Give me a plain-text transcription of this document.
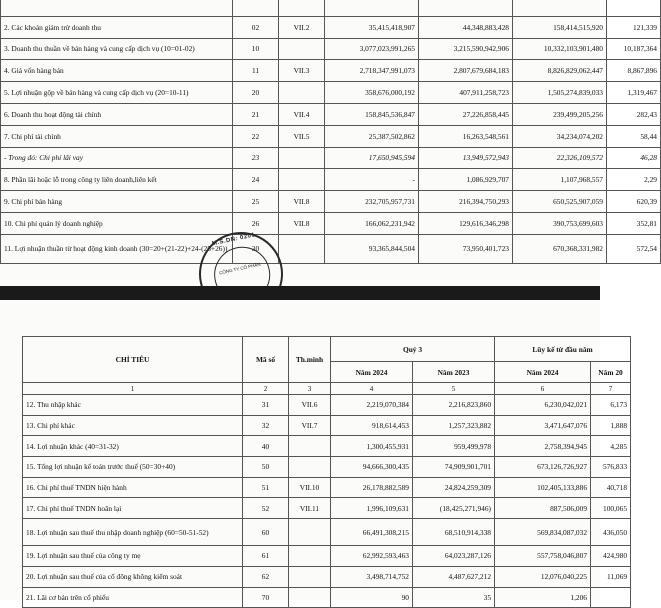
2. Các khoản giảm trừ doanh thu	02	VII.2	35,415,418,907	44,348,883,428	158,414,515,920	121,339
3. Doanh thu thuần về bán hàng và cung cấp dịch vụ (10=01-02)	10		3,077,023,991,265	3,215,590,942,906	10,332,103,901,480	10,187,364
4. Giá vốn hàng bán	11	VII.3	2,718,347,991,073	2,807,679,684,183	8,826,829,062,447	8,867,896
5. Lợi nhuận gộp về bán hàng và cung cấp dịch vụ (20=10-11)	20		358,676,000,192	407,911,258,723	1,505,274,839,033	1,319,467
6. Doanh thu hoạt động tài chính	21	VII.4	158,845,536,847	27,226,858,445	239,499,205,256	282,43
7. Chi phí tài chính	22	VII.5	25,387,502,862	16,263,548,561	34,234,074,202	58,44
- Trong đó: Chi phí lãi vay	23		17,650,945,594	13,949,572,943	22,326,109,572	46,28
8. Phần lãi hoặc lỗ trong công ty liên doanh,liên kết	24		-	1,086,929,707	1,107,968,557	2,29
9. Chi phí bán hàng	25	VII.8	232,705,957,731	216,394,750,293	650,525,907,059	620,39
10. Chi phí quản lý doanh nghiệp	26	VII.8	166,062,231,942	129,616,346,298	390,753,699,603	352,81
11. Lợi nhuận thuần từ hoạt động kinh doanh (30=20+(21-22)+24-(25+26))	30		93,365,844,504	73,950,401,723	670,368,331,982	572,54
M.S.DN: 0201
CÔNG TY CỔ PHẦN
CHỈ TIÊU	Mã số	Th.minh	Quý 3		Lũy kế từ đầu năm	
			Năm 2024	Năm 2023	Năm 2024	Năm 20
1	2	3	4	5	6	7
12. Thu nhập khác	31	VII.6	2,219,070,384	2,216,823,860	6,230,042,021	6,173
13. Chi phí khác	32	VII.7	918,614,453	1,257,323,882	3,471,647,076	1,888
14. Lợi nhuận khác (40=31-32)	40		1,300,455,931	959,499,978	2,758,394,945	4,285
15. Tổng lợi nhuận kế toán trước thuế (50=30+40)	50		94,666,300,435	74,909,901,701	673,126,726,927	576,833
16. Chi phí thuế TNDN hiện hành	51	VII.10	26,178,882,589	24,824,259,309	102,405,133,886	40,718
17. Chi phí thuế TNDN hoãn lại	52	VII.11	1,996,109,631	(18,425,271,946)	887,506,009	100,065
18. Lợi nhuận sau thuế thu nhập doanh nghiệp (60=50-51-52)	60		66,491,308,215	68,510,914,338	569,834,087,032	436,050
19. Lợi nhuận sau thuế của công ty mẹ	61		62,992,593,463	64,023,287,126	557,758,046,807	424,980
20. Lợi nhuận sau thuế của cổ đông không kiểm soát	62		3,498,714,752	4,487,627,212	12,076,040,225	11,069
21. Lãi cơ bản trên cổ phiếu	70		90	35	1,206	
